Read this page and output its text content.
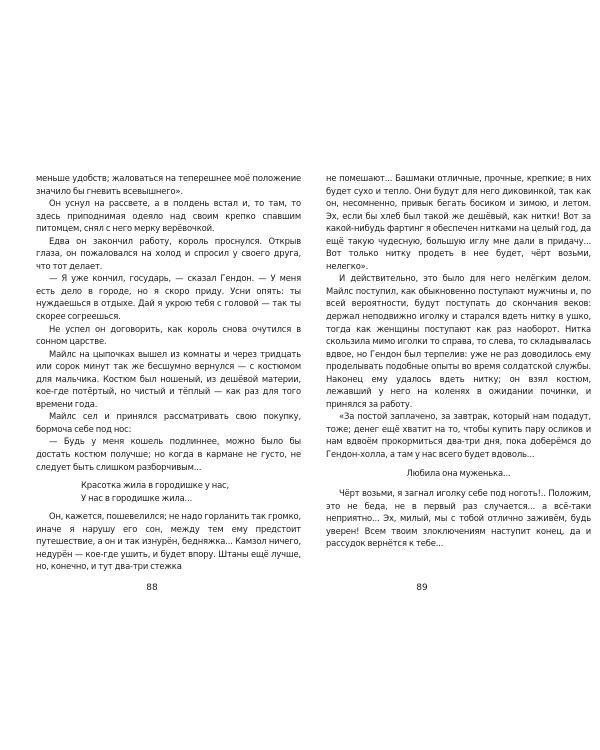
меньше удобств; жаловаться на теперешнее моё положение значило бы гневить всевышнего».

Он уснул на рассвете, а в полдень встал и, то там, то здесь приподнимая одеяло над своим крепко спавшим питомцем, снял с него мерку верёвочкой.

Едва он закончил работу, король проснулся. Открыв глаза, он пожаловался на холод и спросил у своего друга, что тот делает.

— Я уже кончил, государь, — сказал Гендон. — У меня есть дело в городе, но я скоро приду. Усни опять: ты нуждаешься в отдыхе. Дай я укрою тебя с головой — так ты скорее согреешься.

Не успел он договорить, как король снова очутился в сонном царстве.

Майлс на цыпочках вышел из комнаты и через тридцать или сорок минут так же бесшумно вернулся — с костюмом для мальчика. Костюм был ношеный, из дешёвой материи, кое-где потёртый, но чистый и тёплый — как раз для того времени года.

Майлс сел и принялся рассматривать свою покупку, бормоча себе под нос:

— Будь у меня кошель подлиннее, можно было бы достать костюм получше; но когда в кармане не густо, не следует быть слишком разборчивым...

Красотка жила в городишке у нас,
У нас в городишке жила...

Он, кажется, пошевелился; не надо горланить так громко, иначе я нарушу его сон, между тем ему предстоит путешествие, а он и так изнурён, бедняжка... Камзол ничего, недурён — кое-где ушить, и будет впору. Штаны ещё лучше, но, конечно, и тут два-три стежка

88

не помешают... Башмаки отличные, прочные, крепкие; в них будет сухо и тепло. Они будут для него диковинкой, так как он, несомненно, привык бегать босиком и зимою, и летом. Эх, если бы хлеб был такой же дешёвый, как нитки! Вот за какой-нибудь фартинг я обеспечен нитками на целый год, да ещё такую чудесную, большую иглу мне дали в придачу... Вот только нитку продеть в нее будет, чёрт возьми, нелегко».

И действительно, это было для него нелёгким делом. Майлс поступил, как обыкновенно поступают мужчины и, по всей вероятности, будут поступать до скончания веков: держал неподвижно иголку и старался вдеть нитку в ушко, тогда как женщины поступают как раз наоборот. Нитка скользила мимо иголки то справа, то слева, то складывалась вдвое, но Гендон был терпелив: уже не раз доводилось ему проделывать подобные опыты во время солдатской службы. Наконец ему удалось вдеть нитку; он взял костюм, лежавший у него на коленях в ожидании починки, и принялся за работу.

«За постой заплачено, за завтрак, который нам подадут, тоже; денег ещё хватит на то, чтобы купить пару осликов и нам вдвоём прокормиться два-три дня, пока доберёмся до Гендон-холла, а там у нас всего будет вдоволь...

Любила она муженька...

Чёрт возьми, я загнал иголку себе под ноготь!.. Положим, это не беда, не в первый раз случается... а всё-таки неприятно... Эх, милый, мы с тобой отлично заживём, будь уверен! Всем твоим злоключениям наступит конец, да и рассудок вернётся к тебе...

89
